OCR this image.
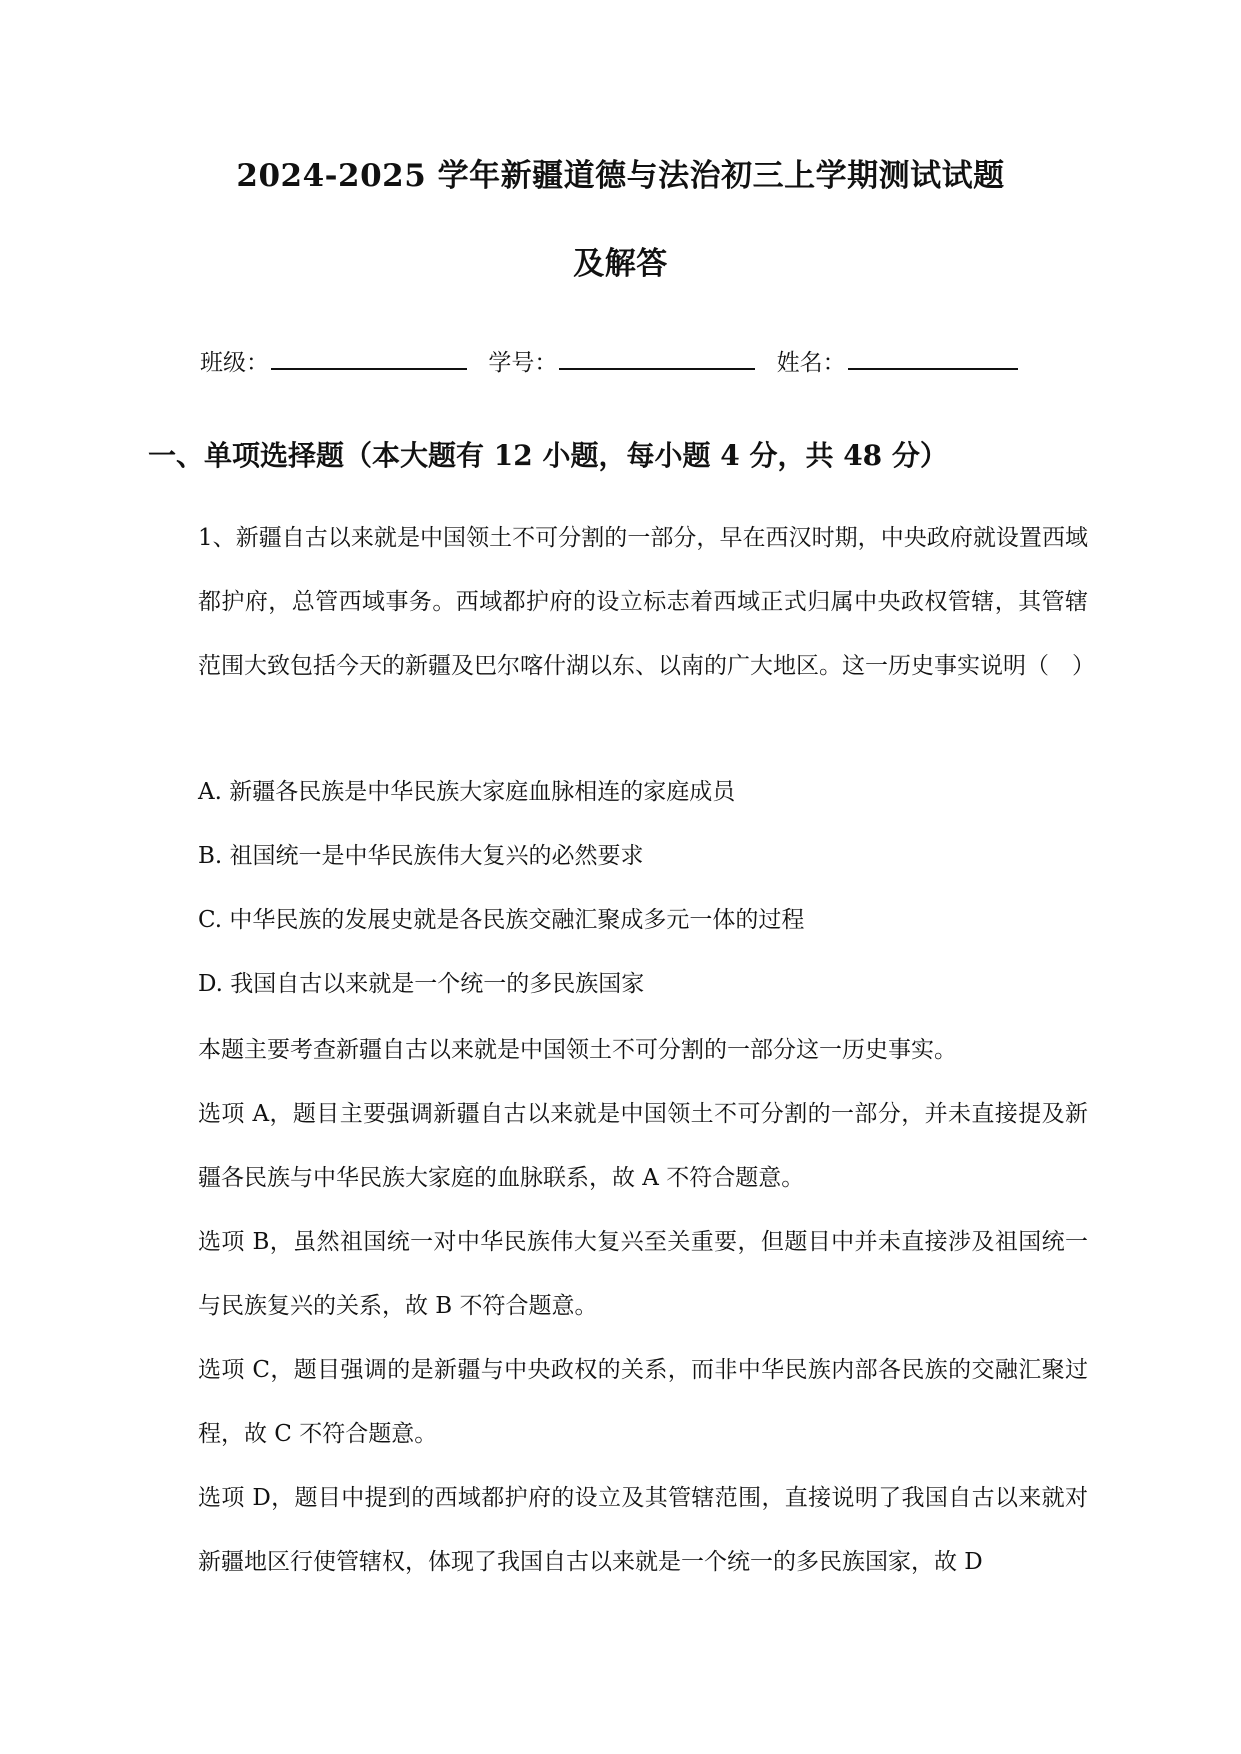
2024-2025 学年新疆道德与法治初三上学期测试试题
及解答
班级：	学号：	姓名：
一、单项选择题（本大题有 12 小题，每小题 4 分，共 48 分）

1、新疆自古以来就是中国领土不可分割的一部分，早在西汉时期，中央政府就设置西域都护府，总管西域事务。西域都护府的设立标志着西域正式归属中央政权管辖，其管辖范围大致包括今天的新疆及巴尔喀什湖以东、以南的广大地区。这一历史事实说明（　）

A. 新疆各民族是中华民族大家庭血脉相连的家庭成员

B. 祖国统一是中华民族伟大复兴的必然要求

C. 中华民族的发展史就是各民族交融汇聚成多元一体的过程

D. 我国自古以来就是一个统一的多民族国家

本题主要考查新疆自古以来就是中国领土不可分割的一部分这一历史事实。

选项 A，题目主要强调新疆自古以来就是中国领土不可分割的一部分，并未直接提及新疆各民族与中华民族大家庭的血脉联系，故 A 不符合题意。

选项 B，虽然祖国统一对中华民族伟大复兴至关重要，但题目中并未直接涉及祖国统一与民族复兴的关系，故 B 不符合题意。

选项 C，题目强调的是新疆与中央政权的关系，而非中华民族内部各民族的交融汇聚过程，故 C 不符合题意。

选项 D，题目中提到的西域都护府的设立及其管辖范围，直接说明了我国自古以来就对新疆地区行使管辖权，体现了我国自古以来就是一个统一的多民族国家，故 D
